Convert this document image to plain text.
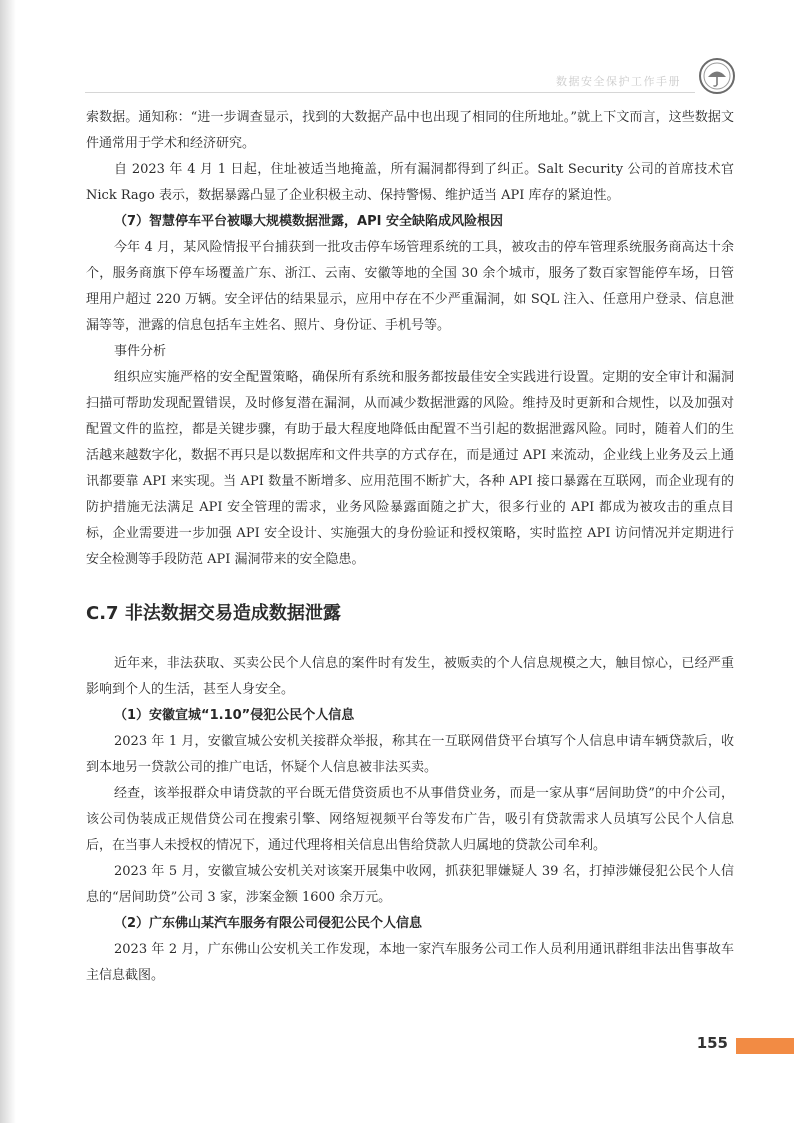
数据安全保护工作手册

索数据。通知称：“进一步调查显示，找到的大数据产品中也出现了相同的住所地址。”就上下文而言，这些数据文件通常用于学术和经济研究。

自 2023 年 4 月 1 日起，住址被适当地掩盖，所有漏洞都得到了纠正。Salt Security 公司的首席技术官 Nick Rago 表示，数据暴露凸显了企业积极主动、保持警惕、维护适当 API 库存的紧迫性。

（7）智慧停车平台被曝大规模数据泄露，API 安全缺陷成风险根因

今年 4 月，某风险情报平台捕获到一批攻击停车场管理系统的工具，被攻击的停车管理系统服务商高达十余个，服务商旗下停车场覆盖广东、浙江、云南、安徽等地的全国 30 余个城市，服务了数百家智能停车场，日管理用户超过 220 万辆。安全评估的结果显示，应用中存在不少严重漏洞，如 SQL 注入、任意用户登录、信息泄漏等等，泄露的信息包括车主姓名、照片、身份证、手机号等。

事件分析

组织应实施严格的安全配置策略，确保所有系统和服务都按最佳安全实践进行设置。定期的安全审计和漏洞扫描可帮助发现配置错误，及时修复潜在漏洞，从而减少数据泄露的风险。维持及时更新和合规性，以及加强对配置文件的监控，都是关键步骤，有助于最大程度地降低由配置不当引起的数据泄露风险。同时，随着人们的生活越来越数字化，数据不再只是以数据库和文件共享的方式存在，而是通过 API 来流动，企业线上业务及云上通讯都要靠 API 来实现。当 API 数量不断增多、应用范围不断扩大，各种 API 接口暴露在互联网，而企业现有的防护措施无法满足 API 安全管理的需求，业务风险暴露面随之扩大，很多行业的 API 都成为被攻击的重点目标，企业需要进一步加强 API 安全设计、实施强大的身份验证和授权策略，实时监控 API 访问情况并定期进行安全检测等手段防范 API 漏洞带来的安全隐患。

C.7 非法数据交易造成数据泄露

近年来，非法获取、买卖公民个人信息的案件时有发生，被贩卖的个人信息规模之大，触目惊心，已经严重影响到个人的生活，甚至人身安全。

（1）安徽宣城“1.10”侵犯公民个人信息

2023 年 1 月，安徽宣城公安机关接群众举报，称其在一互联网借贷平台填写个人信息申请车辆贷款后，收到本地另一贷款公司的推广电话，怀疑个人信息被非法买卖。

经查，该举报群众申请贷款的平台既无借贷资质也不从事借贷业务，而是一家从事“居间助贷”的中介公司，该公司伪装成正规借贷公司在搜索引擎、网络短视频平台等发布广告，吸引有贷款需求人员填写公民个人信息后，在当事人未授权的情况下，通过代理将相关信息出售给贷款人归属地的贷款公司牟利。

2023 年 5 月，安徽宣城公安机关对该案开展集中收网，抓获犯罪嫌疑人 39 名，打掉涉嫌侵犯公民个人信息的“居间助贷”公司 3 家，涉案金额 1600 余万元。

（2）广东佛山某汽车服务有限公司侵犯公民个人信息

2023 年 2 月，广东佛山公安机关工作发现，本地一家汽车服务公司工作人员利用通讯群组非法出售事故车主信息截图。

155
